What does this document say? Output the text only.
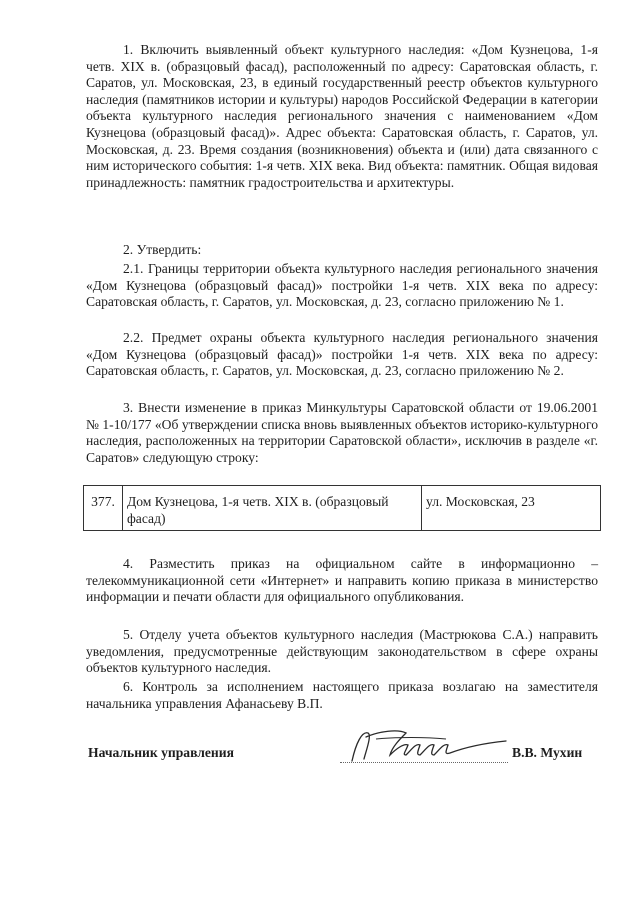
1. Включить выявленный объект культурного наследия: «Дом Кузнецова, 1-я четв. XIX в. (образцовый фасад), расположенный по адресу: Саратовская область, г. Саратов, ул. Московская, 23, в единый государственный реестр объектов культурного наследия (памятников истории и культуры) народов Российской Федерации в категории объекта культурного наследия регионального значения с наименованием «Дом Кузнецова (образцовый фасад)». Адрес объекта: Саратовская область, г. Саратов, ул. Московская, д. 23. Время создания (возникновения) объекта и (или) дата связанного с ним исторического события: 1-я четв. XIX века. Вид объекта: памятник. Общая видовая принадлежность: памятник градостроительства и архитектуры.

2. Утвердить:

2.1. Границы территории объекта культурного наследия регионального значения «Дом Кузнецова (образцовый фасад)» постройки 1-я четв. XIX века по адресу: Саратовская область, г. Саратов, ул. Московская, д. 23, согласно приложению № 1.

2.2. Предмет охраны объекта культурного наследия регионального значения «Дом Кузнецова (образцовый фасад)» постройки 1-я четв. XIX века по адресу: Саратовская область, г. Саратов, ул. Московская, д. 23, согласно приложению № 2.

3. Внести изменение в приказ Минкультуры Саратовской области от 19.06.2001 № 1-10/177 «Об утверждении списка вновь выявленных объектов историко-культурного наследия, расположенных на территории Саратовской области», исключив в разделе «г. Саратов» следующую строку:

377.	Дом Кузнецова, 1-я четв. XIX в. (образцовый фасад)	ул. Московская, 23

4. Разместить приказ на официальном сайте в информационно – телекоммуникационной сети «Интернет» и направить копию приказа в министерство информации и печати области для официального опубликования.

5. Отделу учета объектов культурного наследия (Мастрюкова С.А.) направить уведомления, предусмотренные действующим законодательством в сфере охраны объектов культурного наследия.

6. Контроль за исполнением настоящего приказа возлагаю на заместителя начальника управления Афанасьеву В.П.

Начальник управления	В.В. Мухин
